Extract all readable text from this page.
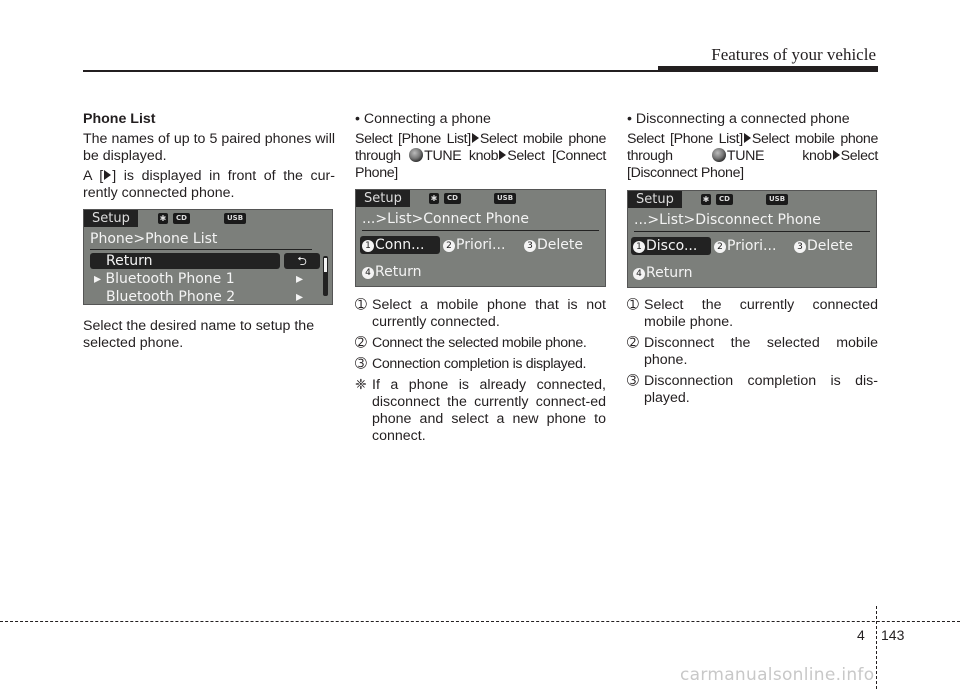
Features of your vehicle

Phone List

The names of up to 5 paired phones will be displayed.

A [ ] is displayed in front of the cur-rently connected phone.

Setup	✱	CD	USB
Phone>Phone List
Return	⮌
▸ Bluetooth Phone 1	▸
Bluetooth Phone 2	▸

Select the desired name to setup the selected phone.

• Connecting a phone

Select [Phone List] Select mobile phone through TUNE knob Select [Connect Phone]

Setup	✱	CD	USB
...>List>Connect Phone
1 Conn...	2 Priori...	3 Delete
4 Return
➀ Select a mobile phone that is not currently connected.
➁ Connect the selected mobile phone.
➂ Connection completion is displayed.
❈ If a phone is already connected, disconnect the currently connect-ed phone and select a new phone to connect.

• Disconnecting a connected phone

Select [Phone List] Select mobile phone through	TUNE knob Select [Disconnect Phone]

Setup	✱	CD	USB
...>List>Disconnect Phone
1 Disco...	2 Priori...	3 Delete
4 Return
➀ Select the currently connected mobile phone.
➁ Disconnect the selected mobile phone.
➂ Disconnection completion is dis-played.
4 143
carmanualsonline.info
